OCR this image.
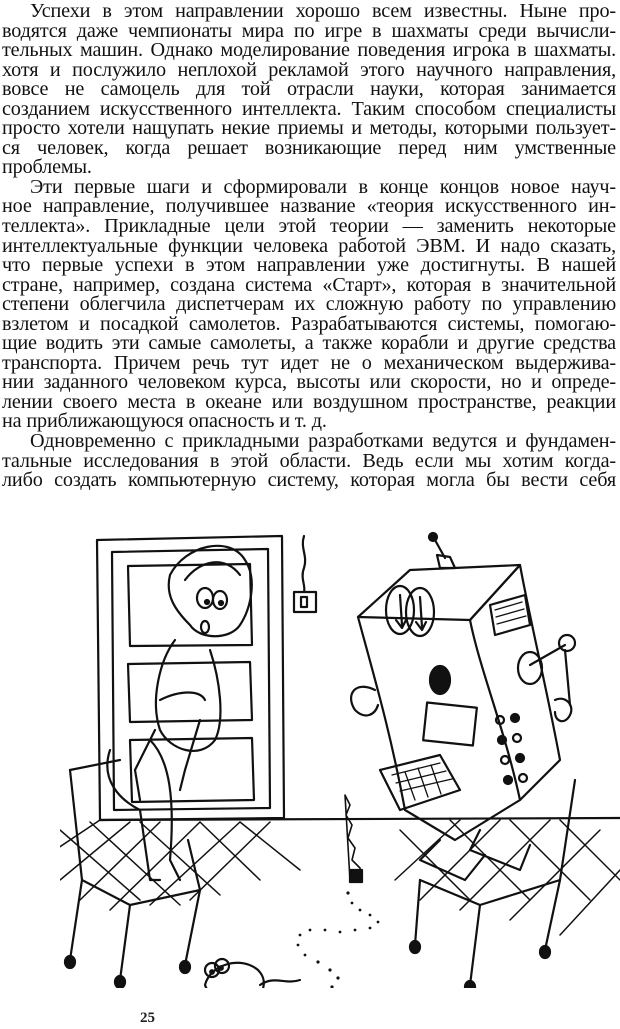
Успехи в этом направлении хорошо всем известны. Ныне про-
водятся даже чемпионаты мира по игре в шахматы среди вычисли-
тельных машин. Однако моделирование поведения игрока в шахматы.
хотя и послужило неплохой рекламой этого научного направления,
вовсе не самоцель для той отрасли науки, которая занимается
созданием искусственного интеллекта. Таким способом специалисты
просто хотели нащупать некие приемы и методы, которыми пользует-
ся человек, когда решает возникающие перед ним умственные
проблемы.
Эти первые шаги и сформировали в конце концов новое науч-
ное направление, получившее название «теория искусственного ин-
теллекта». Прикладные цели этой теории — заменить некоторые
интеллектуальные функции человека работой ЭВМ. И надо сказать,
что первые успехи в этом направлении уже достигнуты. В нашей
стране, например, создана система «Старт», которая в значительной
степени облегчила диспетчерам их сложную работу по управлению
взлетом и посадкой самолетов. Разрабатываются системы, помогаю-
щие водить эти самые самолеты, а также корабли и другие средства
транспорта. Причем речь тут идет не о механическом выдержива-
нии заданного человеком курса, высоты или скорости, но и опреде-
лении своего места в океане или воздушном пространстве, реакции
на приближающуюся опасность и т. д.
Одновременно с прикладными разработками ведутся и фундамен-
тальные исследования в этой области. Ведь если мы хотим когда-
либо создать компьютерную систему, которая могла бы вести себя
25
